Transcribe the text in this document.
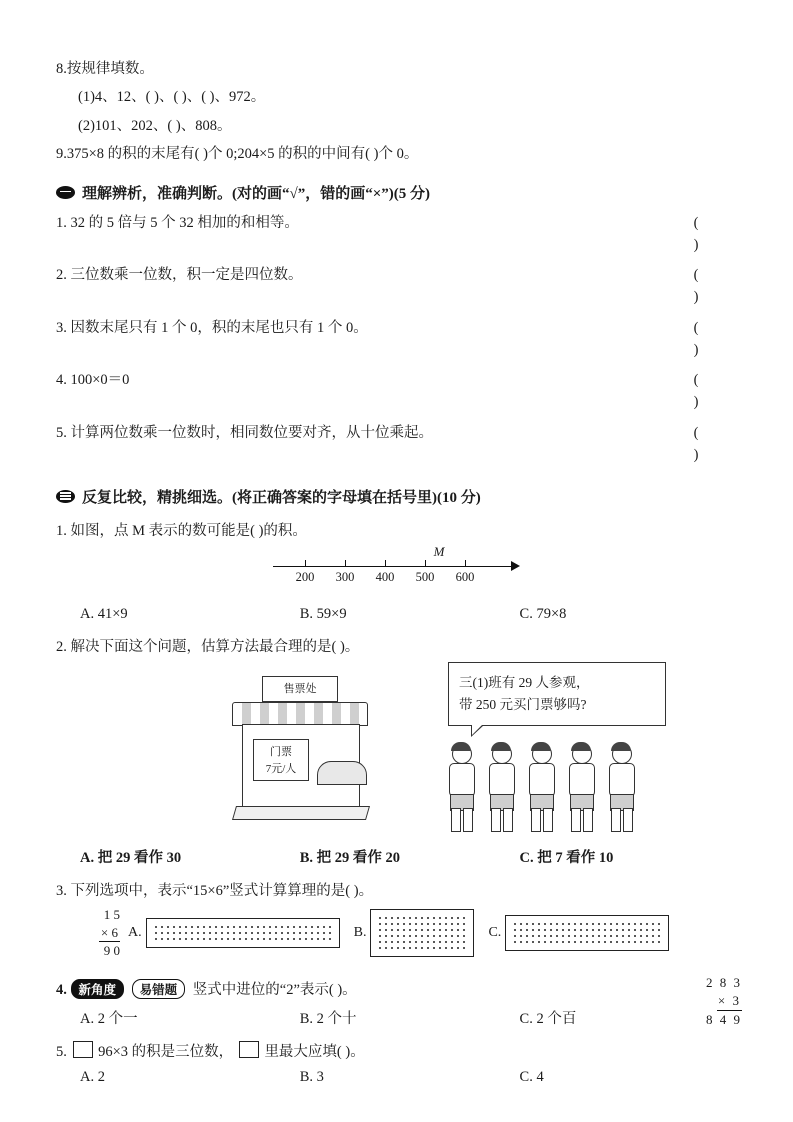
8.按规律填数。
(1)4、12、( )、( )、( )、972。
(2)101、202、( )、808。
9.375×8 的积的末尾有( )个 0;204×5 的积的中间有( )个 0。
理解辨析，准确判断。(对的画“√”，错的画“×”)(5 分)
1. 32 的 5 倍与 5 个 32 相加的和相等。	( )
2. 三位数乘一位数，积一定是四位数。	( )
3. 因数末尾只有 1 个 0，积的末尾也只有 1 个 0。	( )
4. 100×0＝0	( )
5. 计算两位数乘一位数时，相同数位要对齐，从十位乘起。	( )
反复比较，精挑细选。(将正确答案的字母填在括号里)(10 分)
1. 如图，点 M 表示的数可能是( )的积。
200 300 400 500 600
M
A. 41×9	B. 59×9	C. 79×8
2. 解决下面这个问题，估算方法最合理的是( )。
售票处
门票
7元/人
三(1)班有 29 人参观，
带 250 元买门票够吗?
A. 把 29 看作 30	B. 把 29 看作 20	C. 把 7 看作 10
3. 下列选项中，表示“15×6”竖式计算算理的是( )。
1 5
× 6
9 0
A.	B.	C.
4. 新角度 易错题 竖式中进位的“2”表示( )。	2 8 3
× 3
8 4 9
A. 2 个一	B. 2 个十	C. 2 个百
5. 96×3 的积是三位数， 里最大应填( )。
A. 2	B. 3	C. 4
